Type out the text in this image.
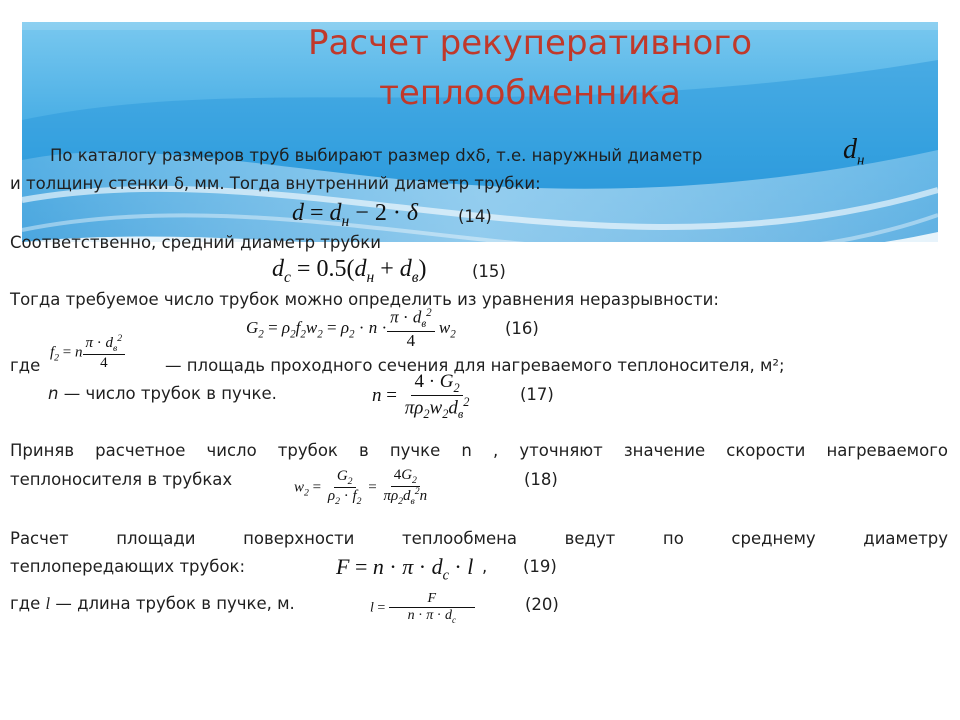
Расчет рекуперативного
теплообменника
По каталогу размеров труб выбирают размер dxδ, т.е. наружный диаметр	$d_н$
и толщину стенки δ, мм. Тогда внутренний диаметр трубки:
$d = d_н - 2 \cdot \delta$ (14)
Соответственно, средний диаметр трубки
$d_c = 0.5(d_н + d_в)$	(15)
Тогда требуемое число трубок можно определить из уравнения неразрывности:
$G_2 = \rho_2f_2w_2 = \rho_2 \cdot n \cdot \frac{\pi \cdot d_в^2}{4} w_2$	(16)
где
$f_2 = n \frac{\pi \cdot d_в^2}{4}$ — площадь проходного сечения для нагреваемого теплоносителя, м²;
n — число трубок в пучке.	$n = \frac{4 \cdot G_2}{\pi\rho_2w_2d_в^2}$	(17)
Приняв расчетное число трубок в пучке n , уточняют значение скорости нагреваемого
теплоносителя в трубках	$w_2 = \frac{G_2}{\rho_2 \cdot f_2} = \frac{4G_2}{\pi\rho_2d_в^2n}$	(18)
Расчет площади поверхности теплообмена ведут по среднему диаметру
теплопередающих трубок:	$F = n \cdot \pi \cdot d_c \cdot l$ , (19)
где l — длина трубок в пучке, м.	$l = \frac{F}{n \cdot \pi \cdot d_c}$	(20)
